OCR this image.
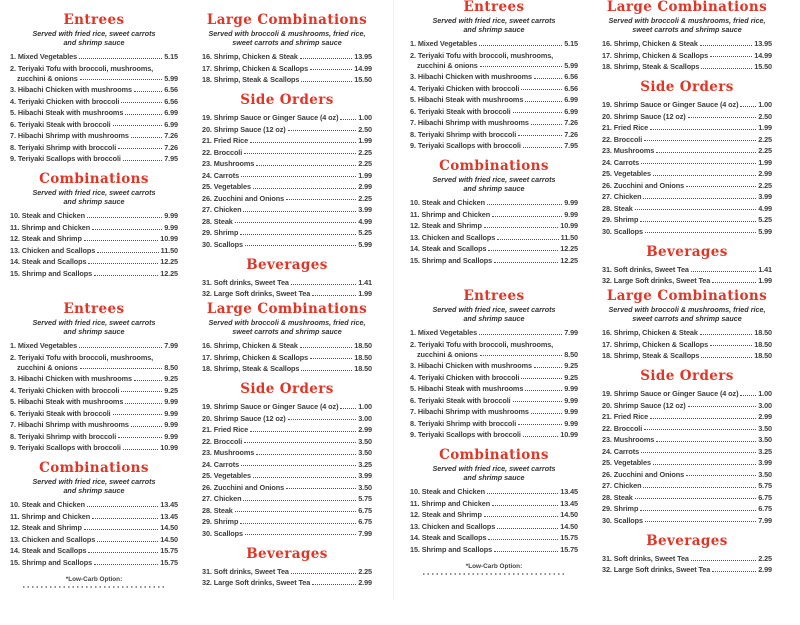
Entrees
Served with fried rice, sweet carrots
and shrimp sauce
1. Mixed Vegetables	5.15
2. Teriyaki Tofu with broccoli, mushrooms,
zucchini & onions	5.99
3. Hibachi Chicken with mushrooms	6.56
4. Teriyaki Chicken with broccoli	6.56
5. Hibachi Steak with mushrooms	6.99
6. Teriyaki Steak with broccoli	6.99
7. Hibachi Shrimp with mushrooms	7.26
8. Teriyaki Shrimp with broccoli	7.26
9. Teriyaki Scallops with broccoli	7.95
Combinations
Served with fried rice, sweet carrots
and shrimp sauce
10. Steak and Chicken	9.99
11. Shrimp and Chicken	9.99
12. Steak and Shrimp	10.99
13. Chicken and Scallops	11.50
14. Steak and Scallops	12.25
15. Shrimp and Scallops	12.25
Large Combinations
Served with broccoli & mushrooms, fried rice,
sweet carrots and shrimp sauce
16. Shrimp, Chicken & Steak	13.95
17. Shrimp, Chicken & Scallops	14.99
18. Shrimp, Steak & Scallops	15.50
Side Orders
19. Shrimp Sauce or Ginger Sauce (4 oz)	1.00
20. Shrimp Sauce (12 oz)	2.50
21. Fried Rice	1.99
22. Broccoli	2.25
23. Mushrooms	2.25
24. Carrots	1.99
25. Vegetables	2.99
26. Zucchini and Onions	2.25
27. Chicken	3.99
28. Steak	4.99
29. Shrimp	5.25
30. Scallops	5.99
Beverages
31. Soft drinks, Sweet Tea	1.41
32. Large Soft drinks, Sweet Tea	1.99
Entrees
Served with fried rice, sweet carrots
and shrimp sauce
1. Mixed Vegetables	7.99
2. Teriyaki Tofu with broccoli, mushrooms,
zucchini & onions	8.50
3. Hibachi Chicken with mushrooms	9.25
4. Teriyaki Chicken with broccoli	9.25
5. Hibachi Steak with mushrooms	9.99
6. Teriyaki Steak with broccoli	9.99
7. Hibachi Shrimp with mushrooms	9.99
8. Teriyaki Shrimp with broccoli	9.99
9. Teriyaki Scallops with broccoli	10.99
Combinations
Served with fried rice, sweet carrots
and shrimp sauce
10. Steak and Chicken	13.45
11. Shrimp and Chicken	13.45
12. Steak and Shrimp	14.50
13. Chicken and Scallops	14.50
14. Steak and Scallops	15.75
15. Shrimp and Scallops	15.75
*Low-Carb Option:
Large Combinations
Served with broccoli & mushrooms, fried rice,
sweet carrots and shrimp sauce
16. Shrimp, Chicken & Steak	18.50
17. Shrimp, Chicken & Scallops	18.50
18. Shrimp, Steak & Scallops	18.50
Side Orders
19. Shrimp Sauce or Ginger Sauce (4 oz)	1.00
20. Shrimp Sauce (12 oz)	3.00
21. Fried Rice	2.99
22. Broccoli	3.50
23. Mushrooms	3.50
24. Carrots	3.25
25. Vegetables	3.99
26. Zucchini and Onions	3.50
27. Chicken	5.75
28. Steak	6.75
29. Shrimp	6.75
30. Scallops	7.99
Beverages
31. Soft drinks, Sweet Tea	2.25
32. Large Soft drinks, Sweet Tea	2.99
Entrees
Served with fried rice, sweet carrots
and shrimp sauce
1. Mixed Vegetables	5.15
2. Teriyaki Tofu with broccoli, mushrooms,
zucchini & onions	5.99
3. Hibachi Chicken with mushrooms	6.56
4. Teriyaki Chicken with broccoli	6.56
5. Hibachi Steak with mushrooms	6.99
6. Teriyaki Steak with broccoli	6.99
7. Hibachi Shrimp with mushrooms	7.26
8. Teriyaki Shrimp with broccoli	7.26
9. Teriyaki Scallops with broccoli	7.95
Combinations
Served with fried rice, sweet carrots
and shrimp sauce
10. Steak and Chicken	9.99
11. Shrimp and Chicken	9.99
12. Steak and Shrimp	10.99
13. Chicken and Scallops	11.50
14. Steak and Scallops	12.25
15. Shrimp and Scallops	12.25
Large Combinations
Served with broccoli & mushrooms, fried rice,
sweet carrots and shrimp sauce
16. Shrimp, Chicken & Steak	13.95
17. Shrimp, Chicken & Scallops	14.99
18. Shrimp, Steak & Scallops	15.50
Side Orders
19. Shrimp Sauce or Ginger Sauce (4 oz)	1.00
20. Shrimp Sauce (12 oz)	2.50
21. Fried Rice	1.99
22. Broccoli	2.25
23. Mushrooms	2.25
24. Carrots	1.99
25. Vegetables	2.99
26. Zucchini and Onions	2.25
27. Chicken	3.99
28. Steak	4.99
29. Shrimp	5.25
30. Scallops	5.99
Beverages
31. Soft drinks, Sweet Tea	1.41
32. Large Soft drinks, Sweet Tea	1.99
Entrees
Served with fried rice, sweet carrots
and shrimp sauce
1. Mixed Vegetables	7.99
2. Teriyaki Tofu with broccoli, mushrooms,
zucchini & onions	8.50
3. Hibachi Chicken with mushrooms	9.25
4. Teriyaki Chicken with broccoli	9.25
5. Hibachi Steak with mushrooms	9.99
6. Teriyaki Steak with broccoli	9.99
7. Hibachi Shrimp with mushrooms	9.99
8. Teriyaki Shrimp with broccoli	9.99
9. Teriyaki Scallops with broccoli	10.99
Combinations
Served with fried rice, sweet carrots
and shrimp sauce
10. Steak and Chicken	13.45
11. Shrimp and Chicken	13.45
12. Steak and Shrimp	14.50
13. Chicken and Scallops	14.50
14. Steak and Scallops	15.75
15. Shrimp and Scallops	15.75
*Low-Carb Option:
Large Combinations
Served with broccoli & mushrooms, fried rice,
sweet carrots and shrimp sauce
16. Shrimp, Chicken & Steak	18.50
17. Shrimp, Chicken & Scallops	18.50
18. Shrimp, Steak & Scallops	18.50
Side Orders
19. Shrimp Sauce or Ginger Sauce (4 oz)	1.00
20. Shrimp Sauce (12 oz)	3.00
21. Fried Rice	2.99
22. Broccoli	3.50
23. Mushrooms	3.50
24. Carrots	3.25
25. Vegetables	3.99
26. Zucchini and Onions	3.50
27. Chicken	5.75
28. Steak	6.75
29. Shrimp	6.75
30. Scallops	7.99
Beverages
31. Soft drinks, Sweet Tea	2.25
32. Large Soft drinks, Sweet Tea	2.99
